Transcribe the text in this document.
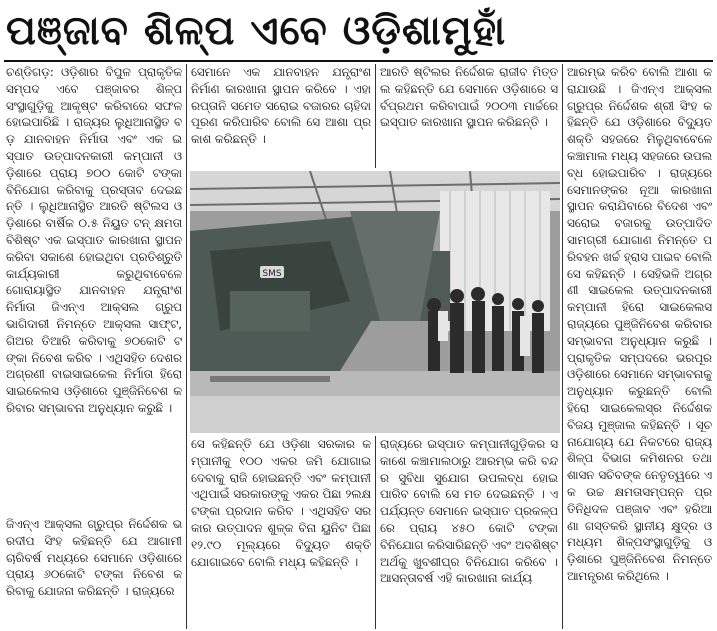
ପଞ୍ଜାବ ଶିଳ୍ପ ଏବେ ଓଡ଼ିଶାମୁହାଁ
ଚଣ୍ଡିଗଡ଼: ଓଡ଼ିଶାର ବିପୁଳ ପ୍ରାକୃତିକ ସମ୍ପଦ ଏବେ ପଞ୍ଜାବର ଶିଳ୍ପସଂସ୍ଥାଗୁଡ଼ିକୁ ଆକୃଷ୍ଟ କରିବାରେ ସଫଳ ହୋଇପାରିଛି । ରାଜ୍ୟର ଲୁଧିଆନାସ୍ଥିତ ବଡ଼ ଯାନବାହନ ନିର୍ମାତା ଏବଂ ଏକ ଇସ୍ପାତ ଉତ୍ପାଦନକାରୀ କମ୍ପାନୀ ଓଡ଼ିଶାରେ ପ୍ରାୟ ୭୦୦ କୋଟି ଟଙ୍କା ବିନିଯୋଗ କରିବାକୁ ପ୍ରସ୍ତାବ ଦେଇଛନ୍ତି । ଲୁଧିଆନାସ୍ଥିତ ଆରତି ଷ୍ଟିଲସ ଓଡ଼ିଶାରେ ବାର୍ଷିକ ୦.୫ ନିୟୁତ ଟନ୍ କ୍ଷମତା ବିଶିଷ୍ଟ ଏକ ଇସ୍ପାତ କାରଖାନା ସ୍ଥାପନ କରିବା ସକାଶେ ହୋଇଥିବା ପ୍ରତିଶ୍ରୁତି କାର୍ଯ୍ୟକାରୀ କରୁଥିବାବେଳେ ଗୋରାୟାସ୍ଥିତ ଯାନବାହନ ଯନ୍ତ୍ରାଂଶ ନିର୍ମାତା ଜିଏନ୍‌ଏ ଆକ୍ସଲ ଗ୍ରୁପ ଭାଗିଦାରୀ ନିମନ୍ତେ ଆକ୍ସଲ ସାଫ୍ଟ, ଗିଅର ତିଆରି କରିବାକୁ ୭୦କୋଟି ଟଙ୍କା ନିବେଶ କରିବ । ଏଥିସହିତ ଦେଶର ଅଗ୍ରଣୀ ବାଇସାଇକେଲ ନିର୍ମାତା ହିରୋ ସାଇକେଲସ ଓଡ଼ିଶାରେ ପୁଞ୍ଜିନିବେଶ କରିବାର ସମ୍ଭାବନା ଅନୁଧ୍ୟାନ କରୁଛି ।
ଜିଏନ୍‌ଏ ଆକ୍ସଲ ଗ୍ରୁପ୍‌ର ନିର୍ଦ୍ଦେଶକ ଭରଦୀପ ସିଂହ କହିଛନ୍ତି ଯେ ଆଗାମୀ ଚାରିବର୍ଷ ମଧ୍ୟରେ ସେମାନେ ଓଡ଼ିଶାରେ ପ୍ରାୟ ୬୦କୋଟି ଟଙ୍କା ନିବେଶ କରିବାକୁ ଯୋଜନା କରିଛନ୍ତି । ରାଜ୍ୟରେ
ସେମାନେ ଏକ ଯାନବାହନ ଯନ୍ତ୍ରାଂଶ ନିର୍ମାଣ କାରଖାନା ସ୍ଥାପନ କରିବେ । ଏହା ରପ୍ତାନି ସମେତ ସରୋଇ ବଜାରର ଚାହିଦା ପୂରଣ କରିପାରିବ ବୋଲି ସେ ଆଶା ପ୍ରକାଶ କରିଛନ୍ତି ।
ଆରତି ଷ୍ଟିଲର ନିର୍ଦ୍ଦେଶକ ରାଜୀବ ମିତ୍ତଲ କହିଛନ୍ତି ଯେ ସେମାନେ ଓଡ଼ିଶାରେ ସର୍ବପ୍ରଥମ କରିବାପାଇଁ ୨୦୦୩ ମାର୍ଚ୍ଚରେ ଇସ୍ପାତ କାରଖାନା ସ୍ଥାପନ କରିଛନ୍ତି ।
SMS
ସେ କହିଛନ୍ତି ଯେ ଓଡ଼ିଶା ସରକାର କମ୍ପାନୀକୁ ୧୦୦ ଏକର ଜମି ଯୋଗାଇ ଦେବାକୁ ରାଜି ହୋଇଛନ୍ତି ଏବଂ କମ୍ପାନୀ ଏଥିପାଇଁ ସରକାରଙ୍କୁ ଏକର ପିଛା ୨ଲକ୍ଷ ଟଙ୍କା ପ୍ରଦାନ କରିବ । ଏଥିସହିତ ସରକାର ଉତ୍ପାଦନ ଶୁଳ୍କ ବିନା ୟୁନିଟ ପିଛା ୧୨.୯୦ ମୂଲ୍ୟରେ ବିଦ୍ୟୁତ ଶକ୍ତି ଯୋଗାଇବେ ବୋଲି ମଧ୍ୟ କହିଛନ୍ତି ।
ରାଜ୍ୟରେ ଇସ୍ପାତ କମ୍ପାନୀଗୁଡ଼ିକର ସକାଶେ କଞ୍ଚାମାଲଠାରୁ ଆରମ୍ଭ କରି ବନ୍ଦର ସୁବିଧା ସୁଯୋଗ ଉପଲବ୍ଧ ହୋଇପାରିବ ବୋଲି ସେ ମତ ଦେଇଛନ୍ତି । ଏପର୍ଯ୍ୟନ୍ତ ସେମାନେ ଇସ୍ପାତ ପ୍ରକଳ୍ପରେ ପ୍ରାୟ ୪୫୦ କୋଟି ଟଙ୍କା ବିନିଯୋଗ କରିସାରିଛନ୍ତି ଏବଂ ଅବଶିଷ୍ଟ ଅର୍ଥକୁ ଖୁବଶୀଘ୍ର ବିନିଯୋଗ କରିବେ । ଆସନ୍ତାବର୍ଷ ଏହି କାରଖାନା କାର୍ଯ୍ୟ
ଆରମ୍ଭ କରିବ ବୋଲି ଆଶା କରାଯାଉଛି । ଜିଏନ୍‌ଏ ଆକ୍ସଲ ଗ୍ରୁପ୍‌ର ନିର୍ଦ୍ଦେଶକ ଶ୍ରୀ ସିଂହ କହିଛନ୍ତି ଯେ ଓଡ଼ିଶାରେ ବିଦ୍ୟୁତ ଶକ୍ତି ସହଜରେ ମିଳୁଥିବାବେଳେ କଞ୍ଚାମାଲ ମଧ୍ୟ ସହଜରେ ଉପଲବ୍ଧ ହୋଇପାରିବ । ରାଜ୍ୟରେ ସେମାନଙ୍କର ନୂଆ କାରଖାନା ସ୍ଥାପନ କରାଯିବାରେ ବିଦେଶ ଏବଂ ସରୋଇ ବଜାରକୁ ଉତ୍ପାଦିତ ସାମଗ୍ରୀ ଯୋଗାଣ ନିମନ୍ତେ ପରିବହନ ଖର୍ଚ୍ଚ ହ୍ରାସ ପାଇବ ବୋଲି ସେ କହିଛନ୍ତି । ସେହିଭଳି ଅଗ୍ରଣୀ ସାଇକେଲ ଉତ୍ପାଦନକାରୀ କମ୍ପାନୀ ହିରୋ ସାଇକେଲସ ରାଜ୍ୟରେ ପୁଞ୍ଜିନିବେଶ କରିବାର ସମ୍ଭାବନା ଅନୁଧ୍ୟାନ କରୁଛି । ପ୍ରାକୃତିକ ସମ୍ପଦରେ ଭରପୂର ଓଡ଼ିଶାରେ ସେମାନେ ସମ୍ଭାବନାକୁ ଅନୁଧ୍ୟାନ କରୁଛନ୍ତି ବୋଲି ହିରୋ ସାଇକେଲସ୍‌ର ନିର୍ଦ୍ଦେଶକ ବିଜୟ ମୁଞ୍ଜାଲ କହିଛନ୍ତି । ସୂଚନାଯୋଗ୍ୟ ଯେ ନିକଟରେ ରାଜ୍ୟ ଶିଳ୍ପ ବିଭାଗ କମିଶନର ତଥା ଶାସନ ସଚିବଙ୍କ ନେତୃତ୍ୱରେ ଏକ ଉଚ୍ଚ କ୍ଷମତାସମ୍ପନ୍ନ ପ୍ରତିନିଧିଦଳ ପଞ୍ଜାବ ଏବଂ ହରିଆଣା ଗସ୍ତକରି ସ୍ଥାନୀୟ କ୍ଷୁଦ୍ର ଓ ମଧ୍ୟମ ଶିଳ୍ପସଂସ୍ଥାଗୁଡ଼ିକୁ ଓଡ଼ିଶାରେ ପୁଞ୍ଜିନିବେଶ ନିମନ୍ତେ ଆମନ୍ତ୍ରଣ କରିଥିଲେ ।
